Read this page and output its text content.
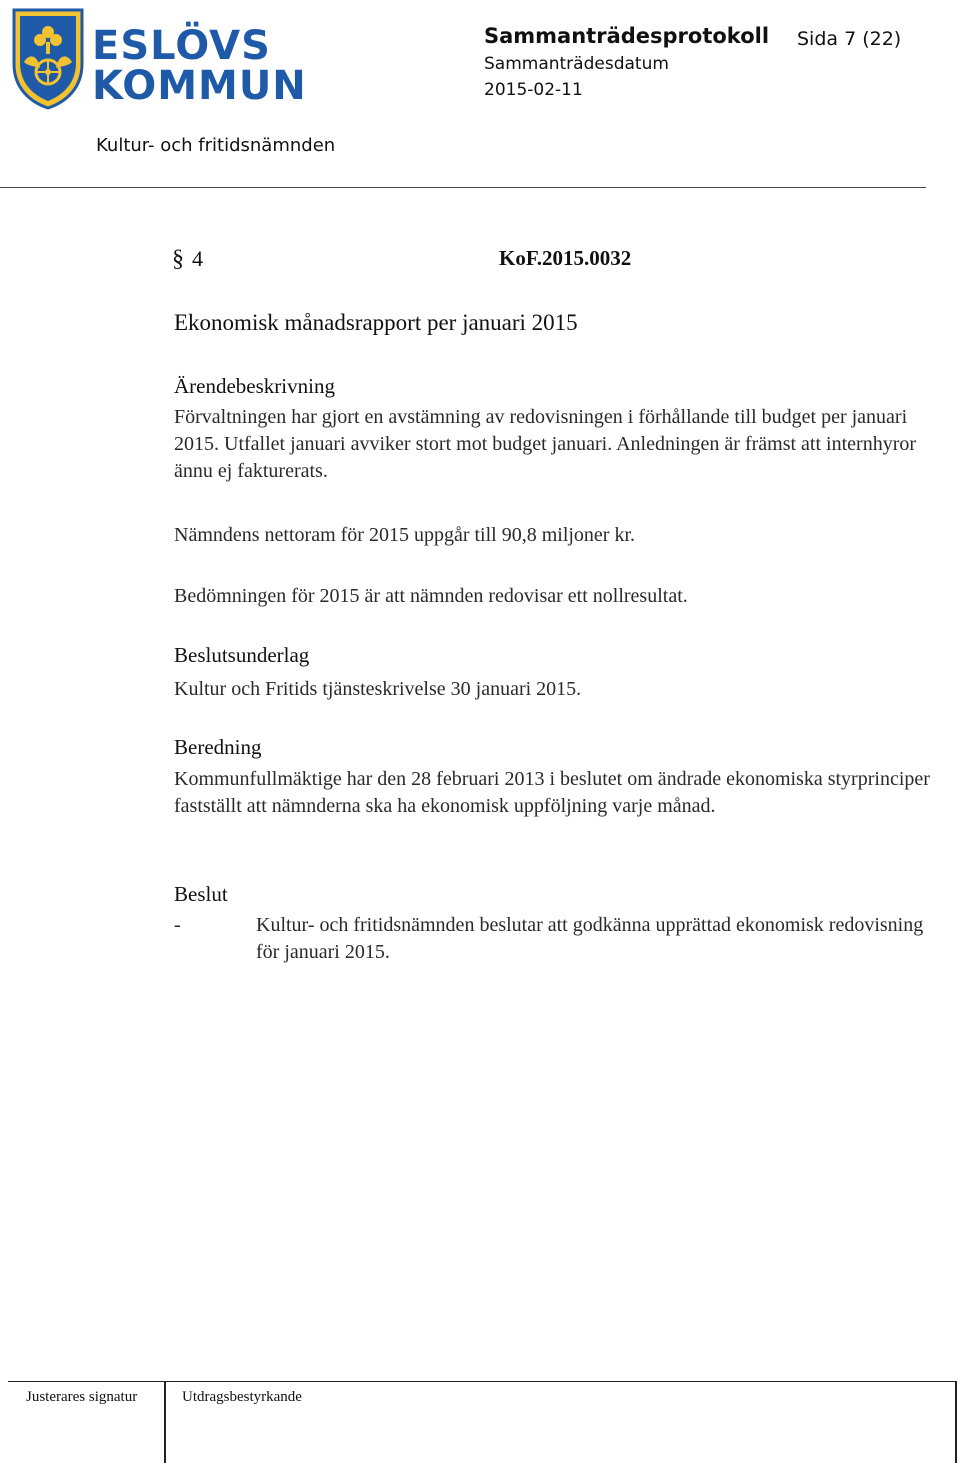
ESLÖVS
KOMMUN
Sammanträdesprotokoll Sida 7 (22)
Sammanträdesdatum
2015-02-11
Kultur- och fritidsnämnden
§ 4	KoF.2015.0032
Ekonomisk månadsrapport per januari 2015
Ärendebeskrivning
Förvaltningen har gjort en avstämning av redovisningen i förhållande till budget per januari 2015. Utfallet januari avviker stort mot budget januari. Anledningen är främst att internhyror ännu ej fakturerats.
Nämndens nettoram för 2015 uppgår till 90,8 miljoner kr.
Bedömningen för 2015 är att nämnden redovisar ett nollresultat.
Beslutsunderlag
Kultur och Fritids tjänsteskrivelse 30 januari 2015.
Beredning
Kommunfullmäktige har den 28 februari 2013 i beslutet om ändrade ekonomiska styrprinciper fastställt att nämnderna ska ha ekonomisk uppföljning varje månad.
Beslut
-	Kultur- och fritidsnämnden beslutar att godkänna upprättad ekonomisk redovisning för januari 2015.
Justerares signatur	Utdragsbestyrkande
